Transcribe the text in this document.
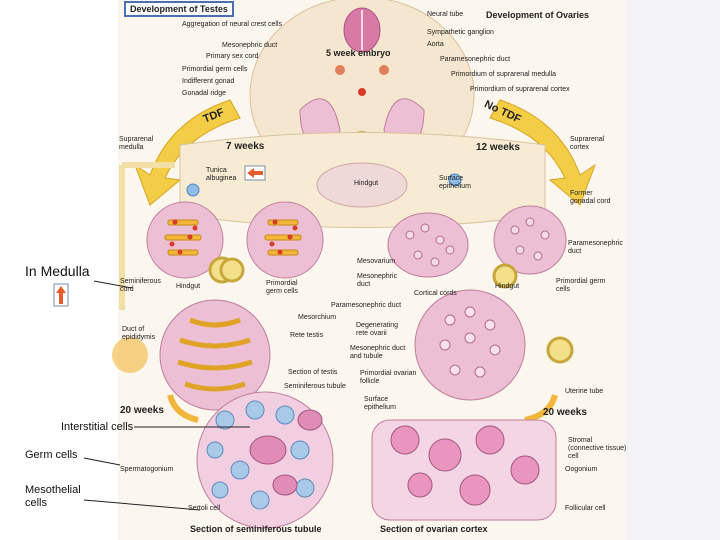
Development of Testes
Development of Ovaries
Aggregation of neural crest cells
Mesonephric duct
Primary sex cord
Primordial germ cells
Indifferent gonad
Gonadal ridge
Neural tube
Sympathetic ganglion
Aorta
Paramesonephric duct
Primordium of suprarenal medulla
Primordium of suprarenal cortex
5 week embryo
TDF	No TDF
Suprarenal medulla	7 weeks	12 weeks
Suprarenal cortex
Tunica albuginea
Hindgut
Surface epithelium
Former gonadal cord
Mesovarium
Paramesonephric duct
Primordial germ cells
Hindgut
Seminiferous cord	Hindgut	Primordial germ cells
Mesonephric duct
Cortical cords
Paramesonephric duct
Mesorchium
Degenerating rete ovarii
Rete testis
Mesonephric duct and tubule
Section of testis	Primordial ovarian follicle
Seminiferous tubule
Surface epithelium
Duct of epididymis
Uterine tube
20 weeks	20 weeks
Stromal (connective tissue) cell
Spermatogonium	Oogonium
Sertoli cell	Follicular cell
Section of seminiferous tubule	Section of ovarian cortex
In Medulla
Interstitial cells
Germ cells
Mesothelial cells
